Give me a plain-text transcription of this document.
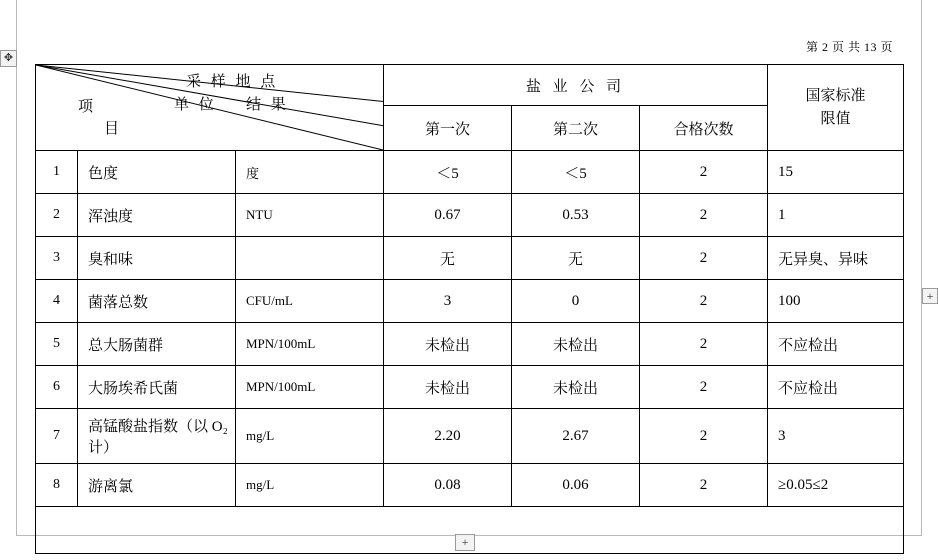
第 2 页 共 13 页
采 样 地 点
单 位 结 果
项
目
	盐 业 公 司	
国家标准
限值

			第一次	第二次	合格次数	
1	色度	度	＜5	＜5	2	15
2	浑浊度	NTU	0.67	0.53	2	1
3	臭和味		无	无	2	无异臭、异味
4	菌落总数	CFU/mL	3	0	2	100
5	总大肠菌群	MPN/100mL	未检出	未检出	2	不应检出
6	大肠埃希氏菌	MPN/100mL	未检出	未检出	2	不应检出
7	高锰酸盐指数（以 O₂ 计）	mg/L	2.20	2.67	2	3
8	游离氯	mg/L	0.08	0.06	2	≥0.05≤2

✥
+
+
